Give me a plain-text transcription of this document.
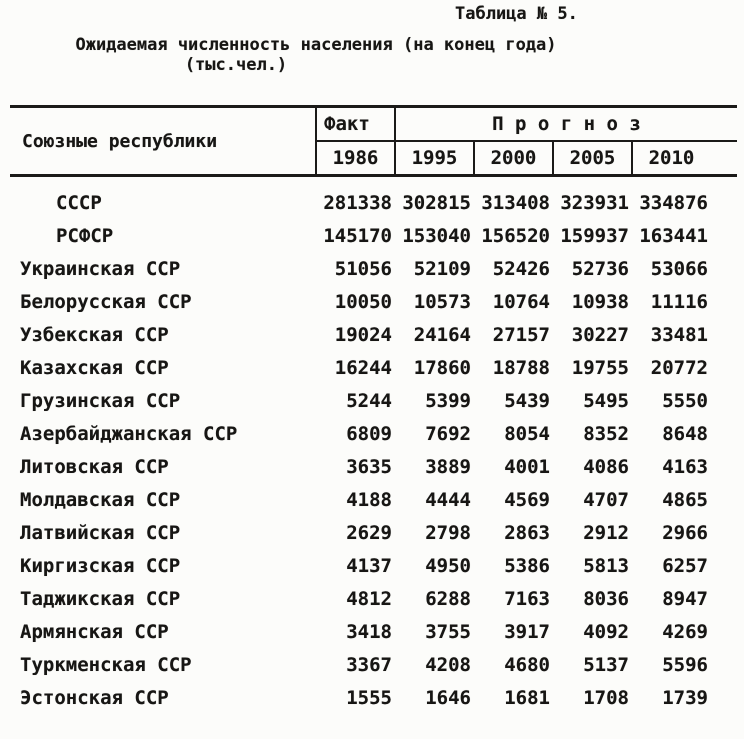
Таблица № 5.
Ожидаемая численность населения (на конец года)
(тыс.чел.)
Союзные республики
Факт	П р о г н о з
1986	1995	2000	2005	2010
СССР	281338 302815 313408 323931 334876
РСФСР	145170 153040 156520 159937 163441
Украинская ССР	51056	52109	52426	52736	53066
Белорусская ССР	10050	10573	10764	10938	11116
Узбекская ССР	19024	24164	27157	30227	33481
Казахская ССР	16244	17860	18788	19755	20772
Грузинская ССР	5244	5399	5439	5495	5550
Азербайджанская ССР	6809	7692	8054	8352	8648
Литовская ССР	3635	3889	4001	4086	4163
Молдавская ССР	4188	4444	4569	4707	4865
Латвийская ССР	2629	2798	2863	2912	2966
Киргизская ССР	4137	4950	5386	5813	6257
Таджикская ССР	4812	6288	7163	8036	8947
Армянская ССР	3418	3755	3917	4092	4269
Туркменская ССР	3367	4208	4680	5137	5596
Эстонская ССР	1555	1646	1681	1708	1739
